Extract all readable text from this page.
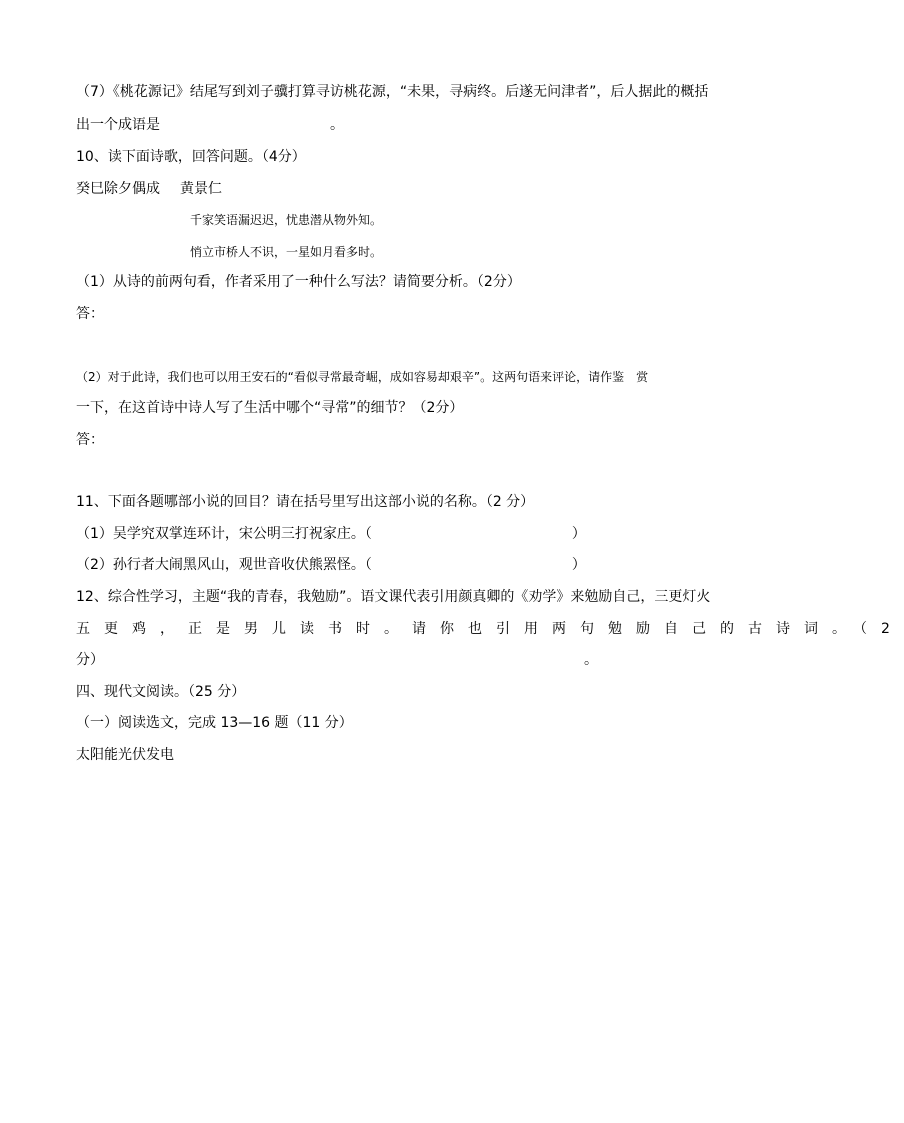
（7）《桃花源记》结尾写到刘子骥打算寻访桃花源，“未果，寻病终。后遂无问津者”，后人据此的概括
出一个成语是	。
10、读下面诗歌，回答问题。（4分）
癸巳除夕偶成 黄景仁
千家笑语漏迟迟，忧患潜从物外知。
悄立市桥人不识，一星如月看多时。
（1）从诗的前两句看，作者采用了一种什么写法？请简要分析。（2分）
答：
（2）对于此诗，我们也可以用王安石的“看似寻常最奇崛，成如容易却艰辛”。这两句语来评论，请作鉴　赏
一下，在这首诗中诗人写了生活中哪个“寻常”的细节？（2分）
答：
11、下面各题哪部小说的回目？请在括号里写出这部小说的名称。（2 分）
（1）吴学究双掌连环计，宋公明三打祝家庄。（	）
（2）孙行者大闹黑风山，观世音收伏熊罴怪。（	）
12、综合性学习，主题“我的青春，我勉励”。语文课代表引用颜真卿的《劝学》来勉励自己，三更灯火
五更鸡，正是男儿读书时。请你也引用两句勉励自己的古诗词。（2
分）	。
四、现代文阅读。（25 分）
（一）阅读选文，完成 13—16 题（11 分）
太阳能光伏发电
